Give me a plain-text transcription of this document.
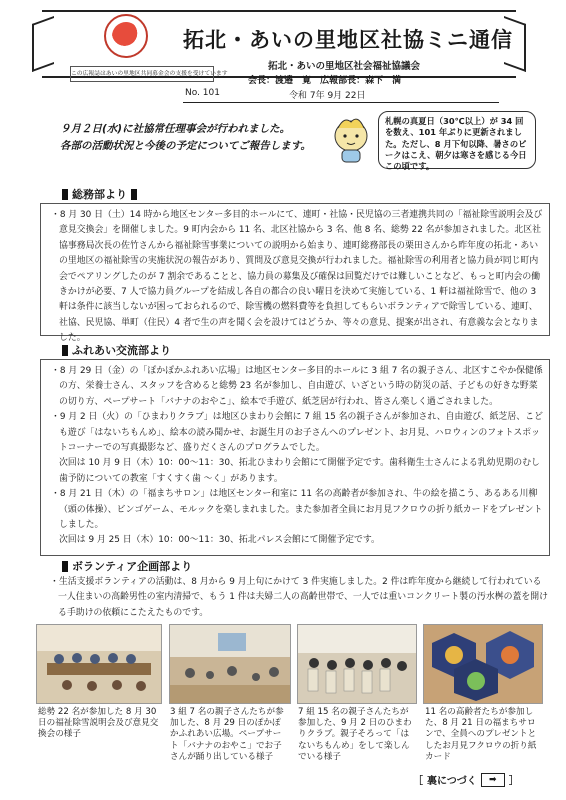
拓北・あいの里地区社協ミニ通信
拓北・あいの里地区社会福祉協議会
会長：渡邉　寛 広報部長：森下　満
この広報誌はあいの里地区共同募金会の支援を受けています
No. 101	令和 7年 9月 22日
９月２日(水)に社協常任理事会が行われました。
各部の活動状況と今後の予定についてご報告します。
札幌の真夏日（30℃以上）が 34 回を数え、101 年ぶりに更新されました。ただし、8 月下旬以降、暑さのピークはこえ、朝夕は寒さを感じる今日この頃です。
総務部より

・8 月 30 日（土）14 時から地区センター多目的ホールにて、連町・社協・民児協の三者連携共同の「福祉除雪説明会及び意見交換会」を開催しました。9 町内会から 11 名、北区社協から 3 名、他 8 名、総勢 22 名が参加されました。北区社協事務局次長の佐竹さんから福祉除雪事業についての説明から始まり、連町総務部長の栗田さんから昨年度の拓北・あいの里地区の福祉除雪の実施状況の報告があり、質問及び意見交換が行われました。福祉除雪の利用者と協力員が同じ町内会でペアリングしたのが 7 割余であることと、協力員の募集及び確保は回覧だけでは難しいことなど、もっと町内会の働きかけが必要、7 人で協力員グループを結成し各自の都合の良い曜日を決めて実施している、1 軒は福祉除雪で、他の 3 軒は条件に該当しないが困っておられるので、除雪機の燃料費等を負担してもらいボランティアで除雪している、連町、社協、民児協、単町（住民）4 者で生の声を聞く会を設けてはどうか、等々の意見、提案が出され、有意義な会となりました。

ふれあい交流部より

・8 月 29 日（金）の「ぽかぽかふれあい広場」は地区センター多目的ホールに 3 組 7 名の親子さん、北区すこやか保健係の方、栄養士さん、スタッフを含めると総勢 23 名が参加し、自由遊び、いざという時の防災の話、子どもの好きな野菜の切り方、ペープサート「バナナのおやこ」、絵本で手遊び、紙芝居が行われ、皆さん楽しく過ごされました。

・9 月 2 日（火）の「ひまわりクラブ」は地区ひまわり会館に 7 組 15 名の親子さんが参加され、自由遊び、紙芝居、こども遊び「はないちもんめ」、絵本の読み聞かせ、お誕生月のお子さんへのプレゼント、お月見、ハロウィンのフォトスポットコーナーでの写真撮影など、盛りだくさんのプログラムでした。

次回は 10 月 9 日（木）10：00～11：30、拓北ひまわり会館にて開催予定です。歯科衛生士さんによる乳幼児期のむし歯予防についての教室「すくすく歯 ～く」があります。

・8 月 21 日（木）の「福まちサロン」は地区センター和室に 11 名の高齢者が参加され、牛の絵を描こう、あるある川柳（頭の体操）、ビンゴゲーム、モルックを楽しまれました。また参加者全員にお月見フクロウの折り紙カードをプレゼントしました。

次回は 9 月 25 日（木）10：00～11：30、拓北パレス会館にて開催予定です。

ボランティア企画部より

・生活支援ボランティアの活動は、8 月から 9 月上旬にかけて 3 件実施しました。2 件は昨年度から継続して行われている一人住まいの高齢男性の室内清掃で、もう 1 件は夫婦二人の高齢世帯で、一人では重いコンクリート製の汚水桝の蓋を開ける手助けの依頼にこたえたものです。

総勢 22 名が参加した 8 月 30 日の福祉除雪説明会及び意見交換会の様子
3 組 7 名の親子さんたちが参加した、8 月 29 日のぽかぽかふれあい広場。ペープサート「バナナのおやこ」でお子さんが踊り出している様子
7 組 15 名の親子さんたちが参加した、9 月 2 日のひまわりクラブ。親子そろって「はないちもんめ」をして楽しんでいる様子
11 名の高齢者たちが参加した、8 月 21 日の福まちサロンで、全員へのプレゼントとしたお月見フクロウの折り紙カード
［ 裏につづく	➡	］
